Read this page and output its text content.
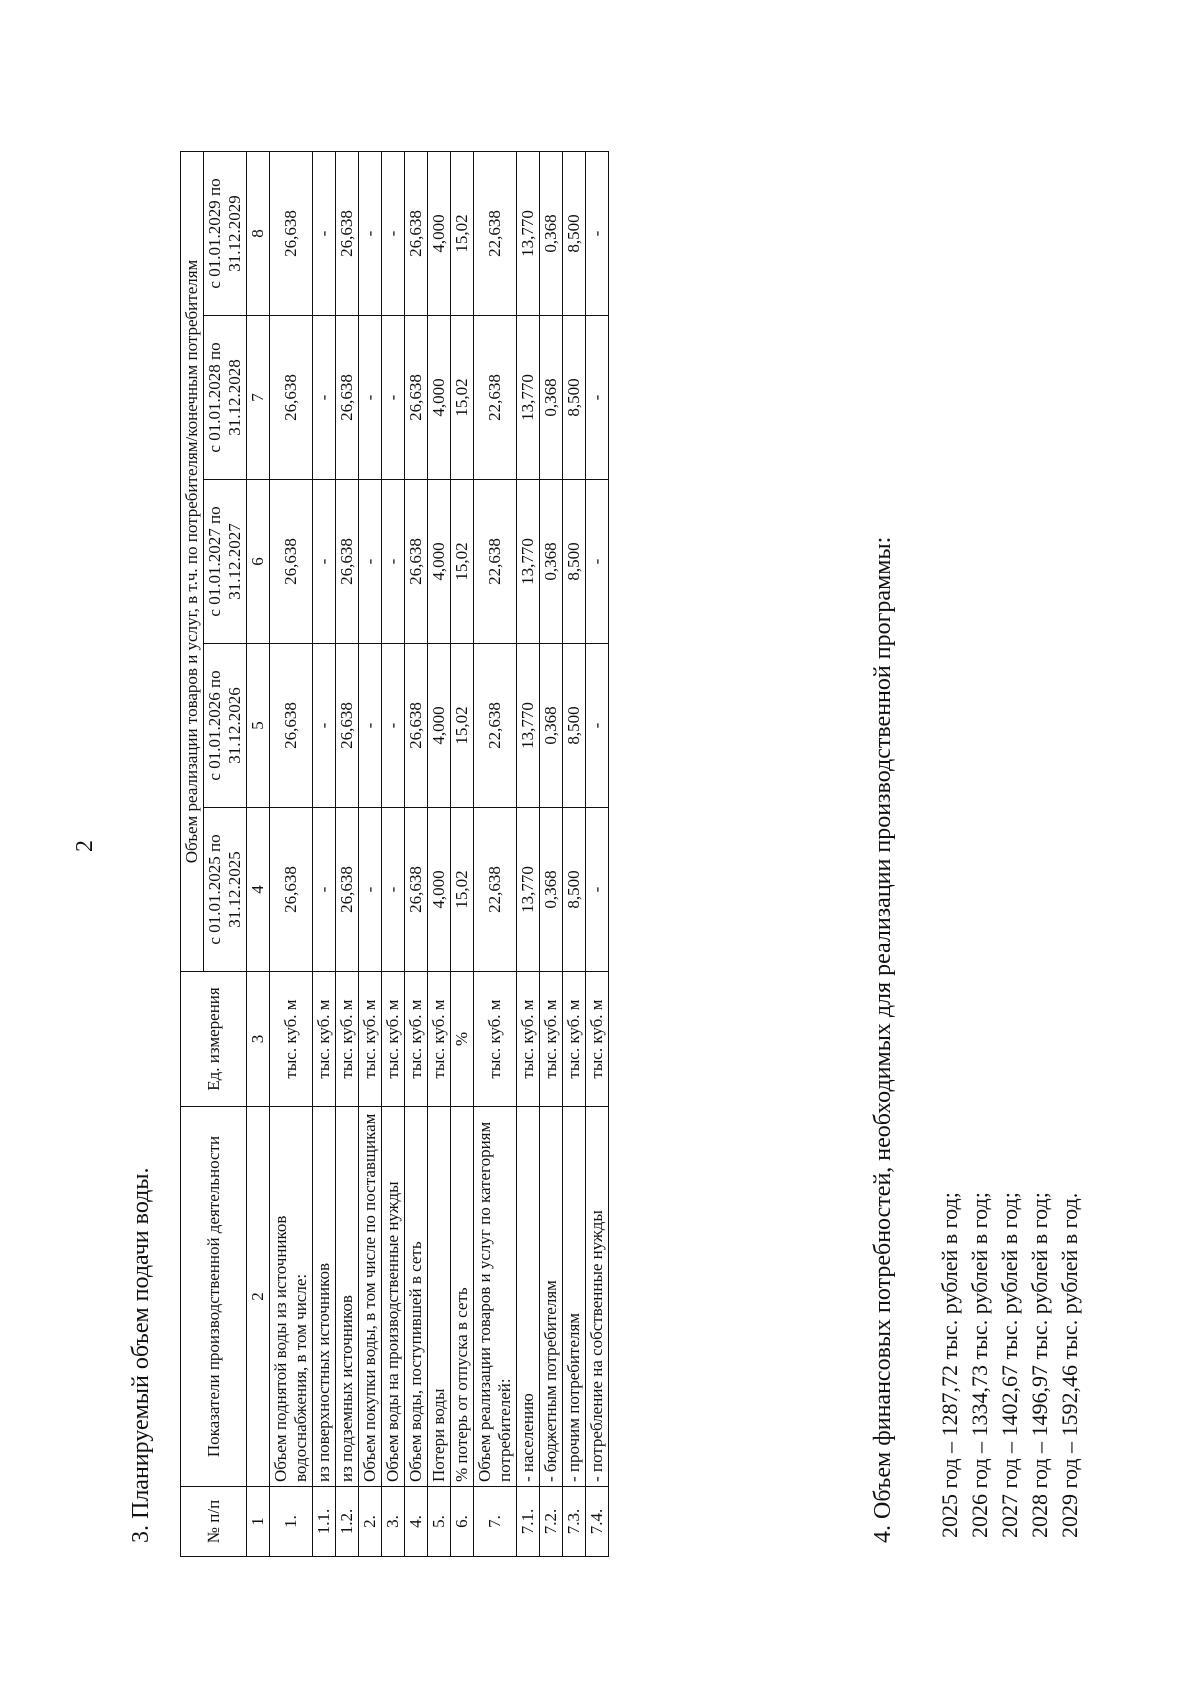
2
3. Планируемый объем подачи воды.	№ п/п	Показатели производственной деятельности	Ед. измерения	Объем реализации товаров и услуг, в т.ч. по потребителям/конечным потребителям				
			с 01.01.2025 по 31.12.2025	с 01.01.2026 по 31.12.2026	с 01.01.2027 по 31.12.2027	с 01.01.2028 по 31.12.2028	с 01.01.2029 по 31.12.2029
1	2	3	4	5	6	7	8
1.	Объем поднятой воды из источников водоснабжения, в том числе:	тыс. куб. м	26,638	26,638	26,638	26,638	26,638
1.1.	из поверхностных источников	тыс. куб. м	-	-	-	-	-
1.2.	из подземных источников	тыс. куб. м	26,638	26,638	26,638	26,638	26,638
2.	Объем покупки воды, в том числе по поставщикам	тыс. куб. м	-	-	-	-	-
3.	Объем воды на производственные нужды	тыс. куб. м	-	-	-	-	-
4.	Объем воды, поступившей в сеть	тыс. куб. м	26,638	26,638	26,638	26,638	26,638
5.	Потери воды	тыс. куб. м	4,000	4,000	4,000	4,000	4,000
6.	% потерь от отпуска в сеть	%	15,02	15,02	15,02	15,02	15,02
7.	Объем реализации товаров и услуг по категориям потребителей:	тыс. куб. м	22,638	22,638	22,638	22,638	22,638
7.1.	- населению	тыс. куб. м	13,770	13,770	13,770	13,770	13,770
7.2.	- бюджетным потребителям	тыс. куб. м	0,368	0,368	0,368	0,368	0,368
7.3.	- прочим потребителям	тыс. куб. м	8,500	8,500	8,500	8,500	8,500
7.4.	- потребление на собственные нужды	тыс. куб. м	-	-	-	-	-
4. Объем финансовых потребностей, необходимых для реализации производственной программы: 2025 год – 1287,72 тыс. рублей в год; 2026 год – 1334,73 тыс. рублей в год; 2027 год – 1402,67 тыс. рублей в год; 2028 год – 1496,97 тыс. рублей в год; 2029 год – 1592,46 тыс. рублей в год.
